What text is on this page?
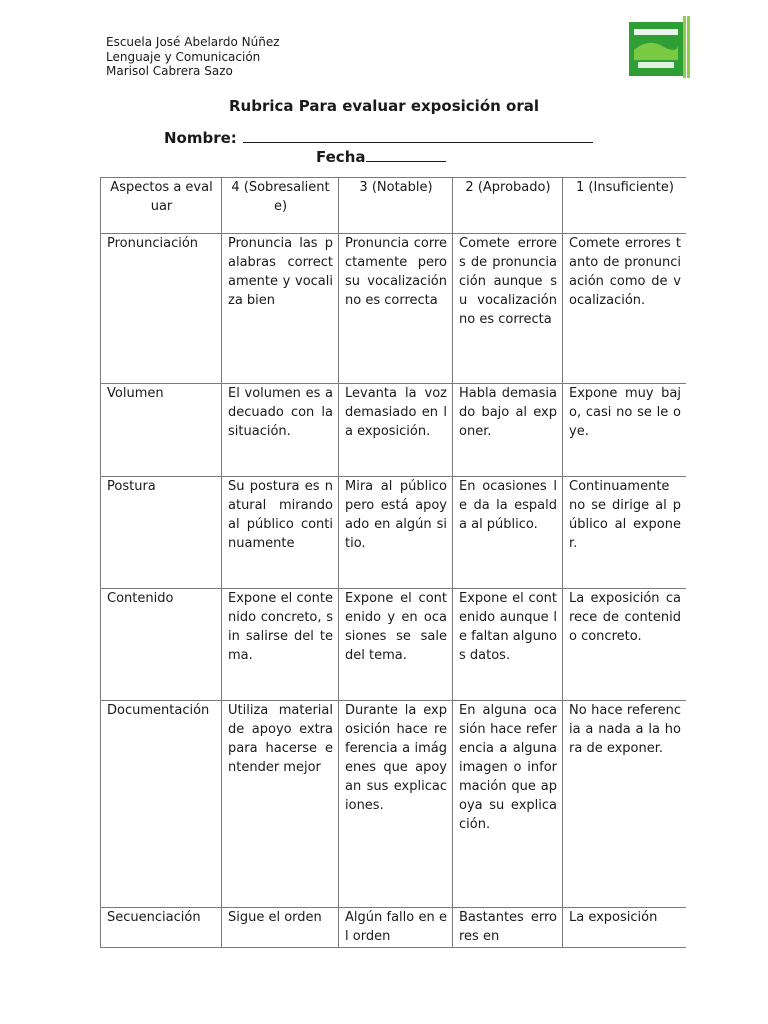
Escuela José Abelardo Núñez
Lenguaje y Comunicación
Marisol Cabrera Sazo
Rubrica Para evaluar exposición oral
Nombre:
Fecha
Aspectos a evaluar	4 (Sobresaliente)	3 (Notable)	2 (Aprobado)	1 (Insuficiente)

Pronunciación	Pronuncia las palabras correctamente y vocaliza bien	Pronuncia correctamente pero su vocalización no es correcta	Comete errores de pronunciación aunque su vocalización no es correcta	Comete errores tanto de pronunciación como de vocalización.

Volumen	El volumen es adecuado con la situación.	Levanta la voz demasiado en la exposición.	Habla demasiado bajo al exponer.	Expone muy bajo, casi no se le oye.

Postura	Su postura es natural mirando al público continuamente	Mira al público pero está apoyado en algún sitio.	En ocasiones le da la espalda al público.	Continuamente no se dirige al público al exponer.

Contenido	Expone el contenido concreto, sin salirse del tema.	Expone el contenido y en ocasiones se sale del tema.	Expone el contenido aunque le faltan algunos datos.	La exposición carece de contenido concreto.

Documentación	Utiliza material de apoyo extra para hacerse entender mejor	Durante la exposición hace referencia a imágenes que apoyan sus explicaciones.	En alguna ocasión hace referencia a alguna imagen o información que apoya su explicación.	No hace referencia a nada a la hora de exponer.

Secuenciación	Sigue el orden	Algún fallo en el orden	Bastantes errores en	La exposición
